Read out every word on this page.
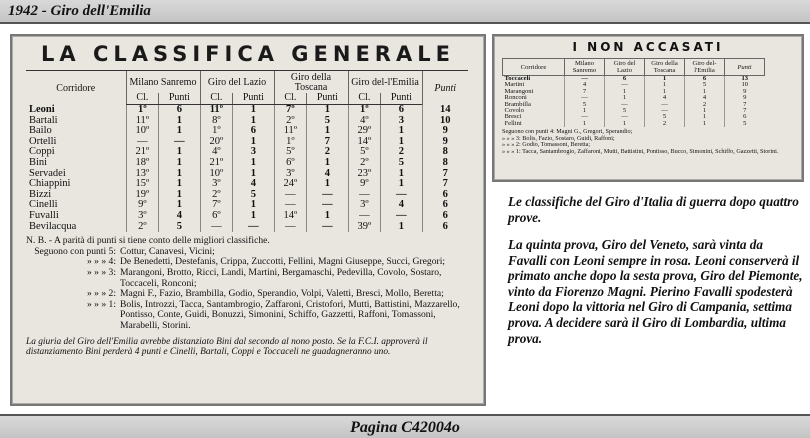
1942 - Giro dell'Emilia
LA CLASSIFICA GENERALE
Corridore	Milano Sanremo		Giro del Lazio		Giro della Toscana		Giro del-l'Emilia		Punti
	Cl.	Punti	Cl.	Punti	Cl.	Punti	Cl.	Punti	
Leoni	1º	6	11º	1	7º	1	1º	6	14
Bartali	11º	1	8º	1	2º	5	4º	3	10
Bailo	10º	1	1º	6	11º	1	29º	1	9
Ortelli	—	—	20º	1	1º	7	14º	1	9
Coppi	21º	1	4º	3	5º	2	5º	2	8
Bini	18º	1	21º	1	6º	1	2º	5	8
Servadei	13º	1	10º	1	3º	4	23º	1	7
Chiappini	15º	1	3º	4	24º	1	9º	1	7
Bizzi	19º	1	2º	5	—	—	—	—	6
Cinelli	9º	1	7º	1	—	—	3º	4	6
Fuvalli	3º	4	6º	1	14º	1	—	—	6
Bevilacqua	2º	5	—	—	—	—	39º	1	6
N. B. - A parità di punti si tiene conto delle migliori classifiche.
Seguono con punti 5: Cottur, Canavesi, Vicini;
» » » 4: De Benedetti, Destefanis, Crippa, Zuccotti, Fellini, Magni Giuseppe, Succi, Gregori;
» » » 3: Marangoni, Brotto, Ricci, Landi, Martini, Bergamaschi, Pedevilla, Covolo, Sostaro, Toccaceli, Ronconi;
» » » 2: Magni F., Fazio, Brambilla, Godio, Sperandio, Volpi, Valetti, Bresci, Mollo, Beretta;
» » » 1: Bolis, Introzzi, Tacca, Santambrogio, Zaffaroni, Cristofori, Mutti, Battistini, Mazzarello, Pontisso, Conte, Guidi, Bonuzzi, Simonini, Schiffo, Gazzetti, Raffoni, Tomassoni, Marabelli, Storini.
La giuria del Giro dell'Emilia avrebbe distanziato Bini dal secondo al nono posto. Se la F.C.I. approverà il distanziamento Bini perderà 4 punti e Cinelli, Bartali, Coppi e Toccaceli ne guadagneranno uno.
I NON ACCASATI
Corridore	Milano Sanremo	Giro del Lazio	Giro della Toscana	Giro del-l'Emilia	Punti
Toccaceli	—	6	1	6	13
Martini	4	—	1	5	10
Marangoni	7	1	1	1	9
Ronconi	—	1	4	4	9
Brambilla	5	—	—	2	7
Covolo	1	5	—	1	7
Bresci	—	—	5	1	6
Fellini	1	1	2	1	5
Seguono con punti 4: Magni G., Gregori, Sperandio;
» » » 3: Bolis, Fazio, Sostaro, Guidi, Raffoni;
» » » 2: Godio, Tomassoni, Beretta;
» » » 1: Tacca, Santambrogio, Zaffaroni, Mutti, Battistini, Pontisso, Bucco, Simonini, Schiffo, Gazzetti, Storini.
Le classifiche del Giro d'Italia di guerra dopo quattro prove.
La quinta prova, Giro del Veneto, sarà vinta da Favalli con Leoni sempre in rosa. Leoni conserverà il primato anche dopo la sesta prova, Giro del Piemonte, vinto da Fiorenzo Magni. Pierino Favalli spodesterà Leoni dopo la vittoria nel Giro di Campania, settima prova. A decidere sarà il Giro di Lombardia, ultima prova.
Pagina C42004o
